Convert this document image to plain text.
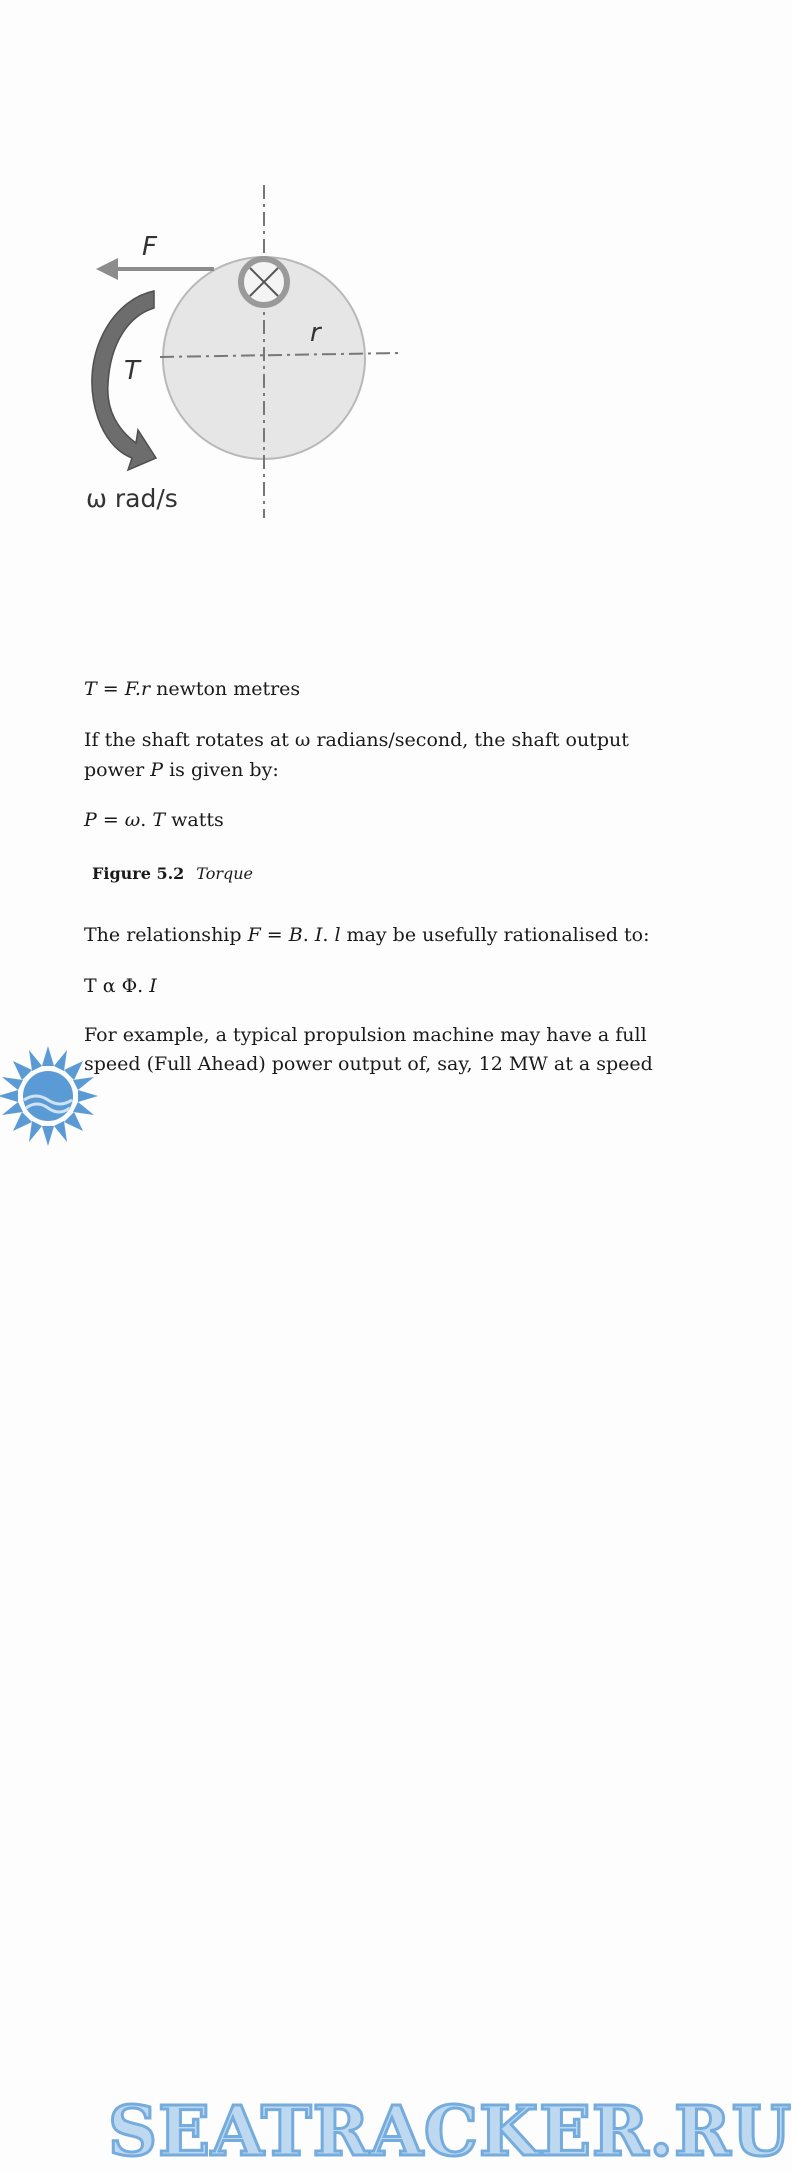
F
r
T
ω rad/s
T = F.r newton metres
If the shaft rotates at ω radians/second, the shaft output
power P is given by:
P = ω. T watts
Figure 5.2 Torque
The relationship F = B. I. l may be usefully rationalised to:
T α Φ. I
For example, a typical propulsion machine may have a full
speed (Full Ahead) power output of, say, 12 MW at a speed
SEATRACKER.RU
